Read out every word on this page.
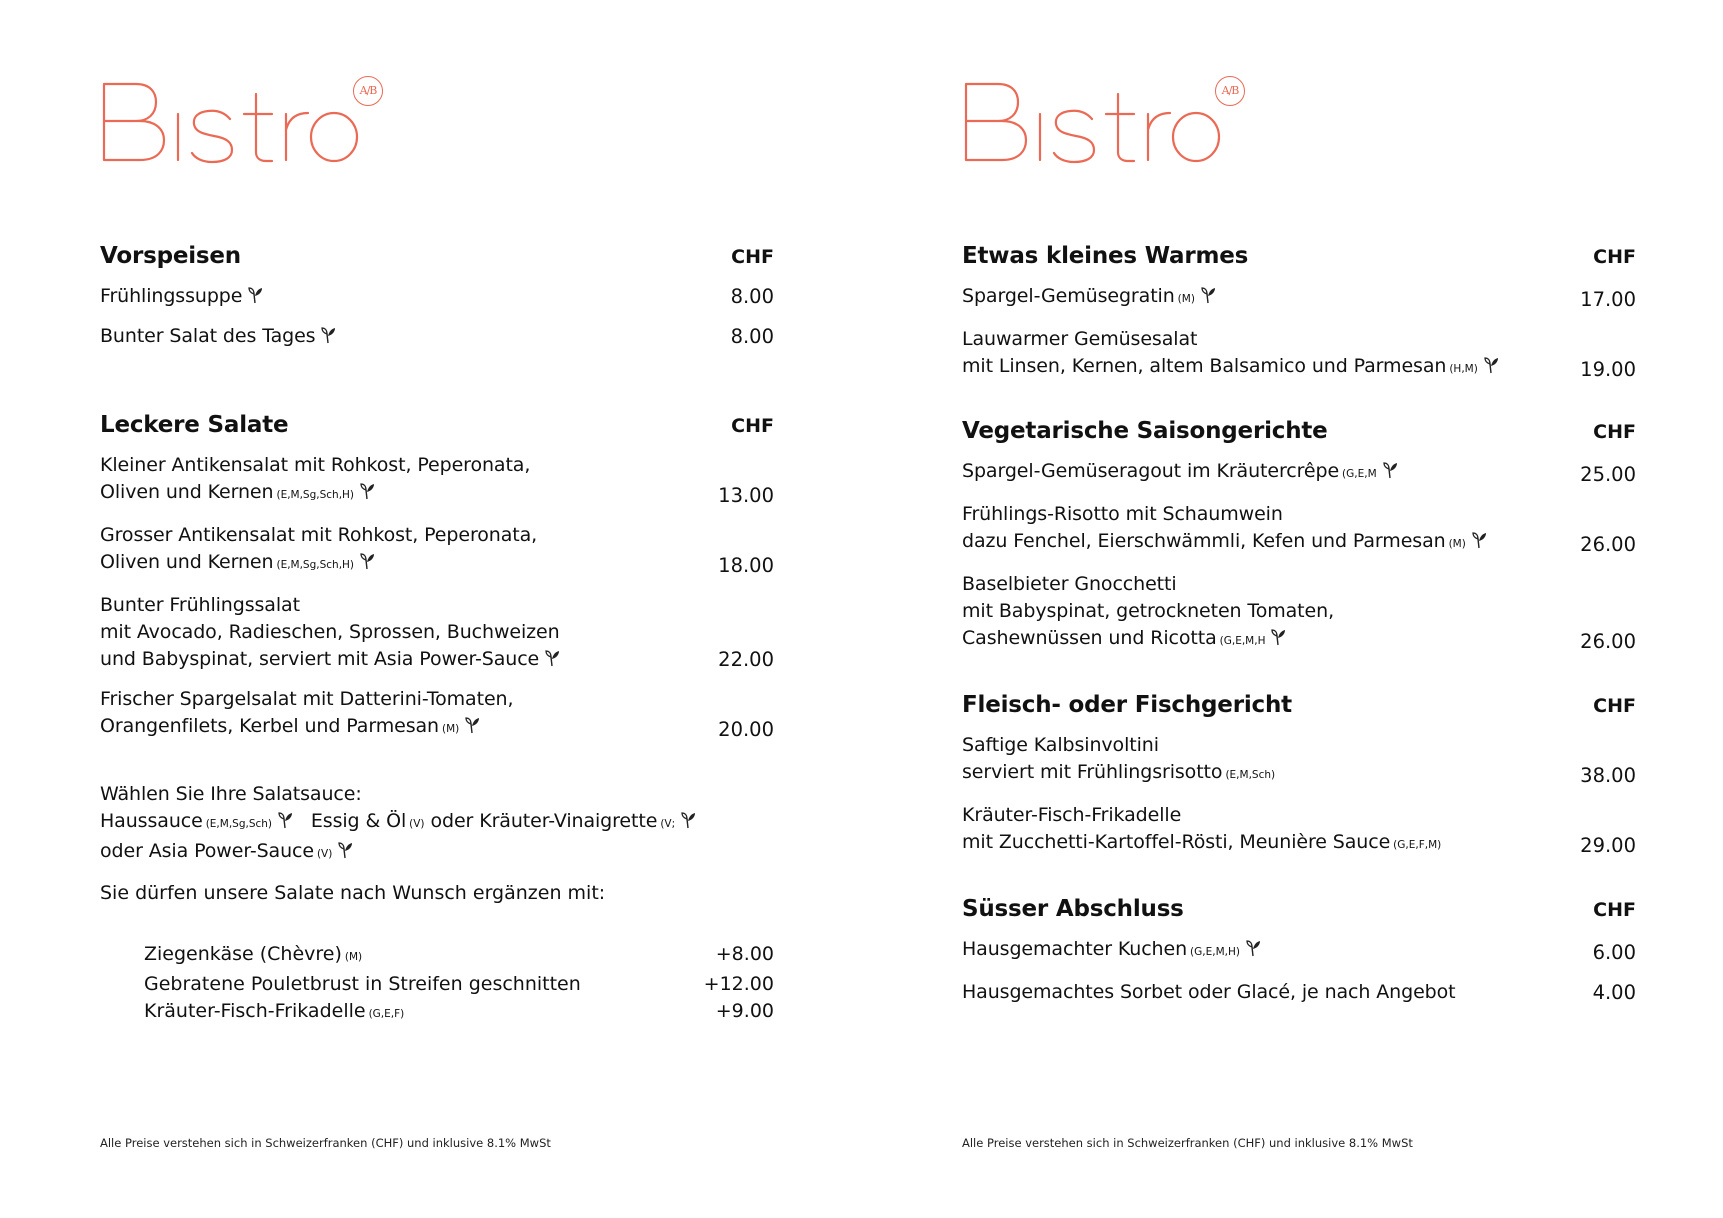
A/B
Vorspeisen	CHF
Frühlingssuppe	8.00
Bunter Salat des Tages	8.00
Leckere Salate	CHF
Kleiner Antikensalat mit Rohkost, Peperonata,
Oliven und Kernen (E,M,Sg,Sch,H)	13.00
Grosser Antikensalat mit Rohkost, Peperonata,
Oliven und Kernen (E,M,Sg,Sch,H)	18.00
Bunter Frühlingssalat
mit Avocado, Radieschen, Sprossen, Buchweizen
und Babyspinat, serviert mit Asia Power-Sauce	22.00
Frischer Spargelsalat mit Datterini-Tomaten,
Orangenfilets, Kerbel und Parmesan (M)	20.00
Wählen Sie Ihre Salatsauce:
Haussauce (E,M,Sg,Sch) Essig & Öl (V) oder Kräuter-Vinaigrette (V;
oder Asia Power-Sauce (V)
Sie dürfen unsere Salate nach Wunsch ergänzen mit:
Ziegenkäse (Chèvre) (M)	+8.00
Gebratene Pouletbrust in Streifen geschnitten	+12.00
Kräuter-Fisch-Frikadelle (G,E,F)	+9.00
Alle Preise verstehen sich in Schweizerfranken (CHF) und inklusive 8.1% MwSt
A/B
Etwas kleines Warmes	CHF
Spargel-Gemüsegratin (M)	17.00
Lauwarmer Gemüsesalat
mit Linsen, Kernen, altem Balsamico und Parmesan (H,M)	19.00
Vegetarische Saisongerichte	CHF
Spargel-Gemüseragout im Kräutercrêpe (G,E,M	25.00
Frühlings-Risotto mit Schaumwein
dazu Fenchel, Eierschwämmli, Kefen und Parmesan (M)	26.00
Baselbieter Gnocchetti
mit Babyspinat, getrockneten Tomaten,
Cashewnüssen und Ricotta (G,E,M,H	26.00
Fleisch- oder Fischgericht	CHF
Saftige Kalbsinvoltini
serviert mit Frühlingsrisotto (E,M,Sch)	38.00
Kräuter-Fisch-Frikadelle
mit Zucchetti-Kartoffel-Rösti, Meunière Sauce (G,E,F,M)	29.00
Süsser Abschluss	CHF
Hausgemachter Kuchen (G,E,M,H)	6.00
Hausgemachtes Sorbet oder Glacé, je nach Angebot	4.00
Alle Preise verstehen sich in Schweizerfranken (CHF) und inklusive 8.1% MwSt
